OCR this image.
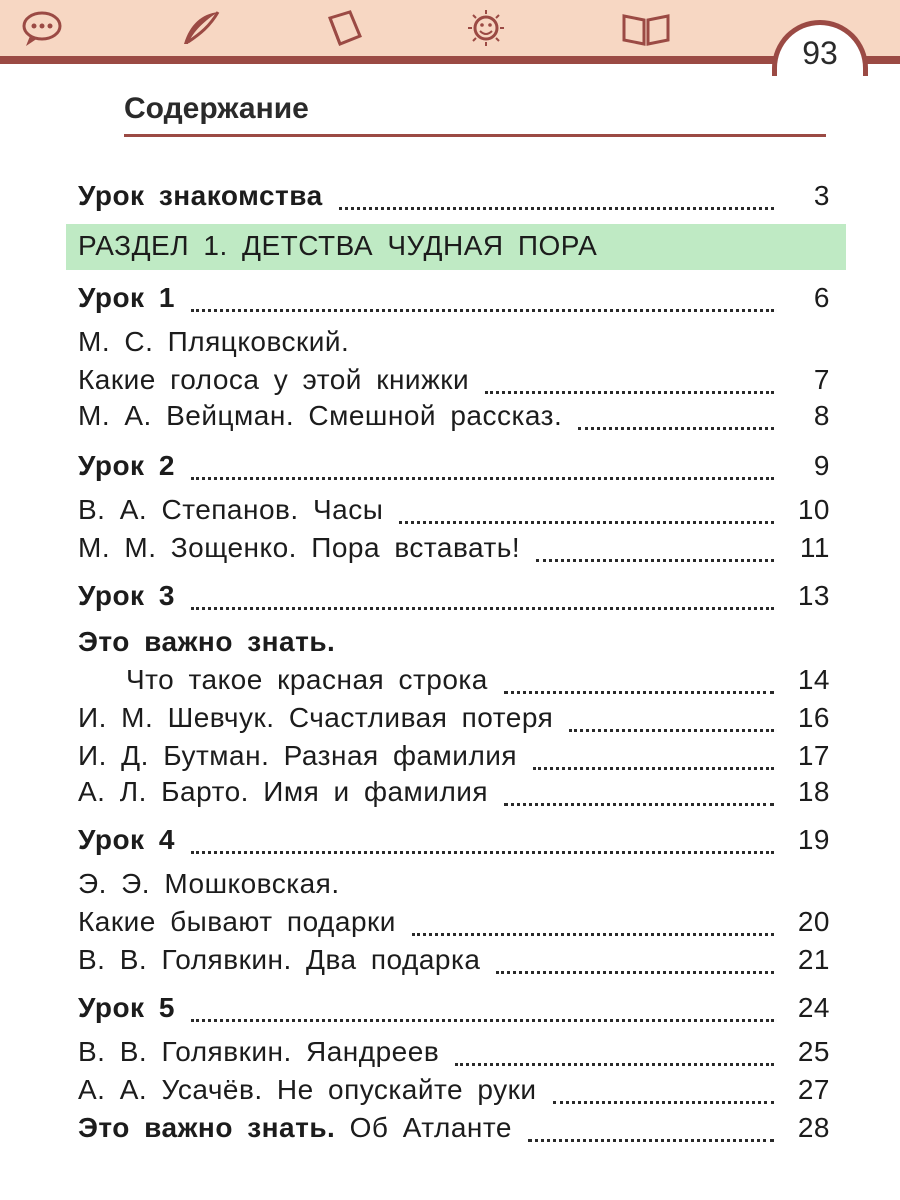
93
Содержание
РАЗДЕЛ 1. ДЕТСТВА ЧУДНАЯ ПОРА
Урок знакомства	3
Урок 1	6
М. С. Пляцковский.
Какие голоса у этой книжки	7
М. А. Вейцман. Смешной рассказ.	8
Урок 2	9
В. А. Степанов. Часы	10
М. М. Зощенко. Пора вставать!	11
Урок 3	13
Это важно знать.
Что такое красная строка	14
И. М. Шевчук. Счастливая потеря	16
И. Д. Бутман. Разная фамилия	17
А. Л. Барто. Имя и фамилия	18
Урок 4	19
Э. Э. Мошковская.
Какие бывают подарки	20
В. В. Голявкин. Два подарка	21
Урок 5	24
В. В. Голявкин. Яандреев	25
А. А. Усачёв. Не опускайте руки	27
Это важно знать. Об Атланте	28
